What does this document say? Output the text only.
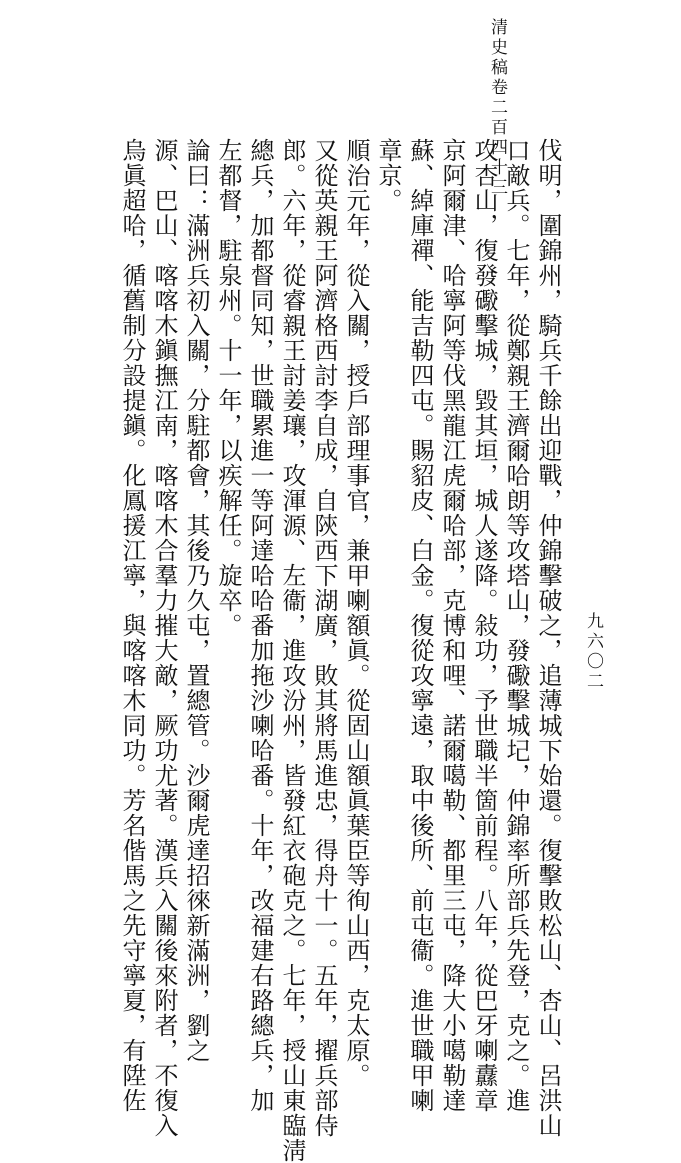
清史稿卷二百四十三
九六〇二
伐明，圍錦州，騎兵千餘出迎戰，仲錦擊破之，追薄城下始還。復擊敗松山、杏山、呂洪山
口敵兵。七年，從鄭親王濟爾哈朗等攻塔山，發礮擊城圮，仲錦率所部兵先登，克之。進
攻杏山，復發礮擊城，毀其垣，城人遂降。敍功，予世職半箇前程。八年，從巴牙喇纛章
京阿爾津、哈寧阿等伐黑龍江虎爾哈部，克博和哩、諾爾噶勒、都里三屯，降大小噶勒達
蘇、綽庫禪、能吉勒四屯。賜貂皮、白金。復從攻寧遠，取中後所、前屯衞。進世職甲喇
章京。
順治元年，從入關，授戶部理事官，兼甲喇額眞。從固山額眞葉臣等徇山西，克太原。
又從英親王阿濟格西討李自成，自陝西下湖廣，敗其將馬進忠，得舟十一。五年，擢兵部侍
郎。六年，從睿親王討姜瓖，攻渾源、左衞，進攻汾州，皆發紅衣砲克之。七年，授山東臨淸
總兵，加都督同知，世職累進一等阿達哈哈番加拖沙喇哈番。十年，改福建右路總兵，加
左都督，駐泉州。十一年，以疾解任。旋卒。
論曰：滿洲兵初入關，分駐都會，其後乃久屯，置總管。沙爾虎達招徠新滿洲，劉之
源、巴山、喀喀木鎭撫江南，喀喀木合羣力摧大敵，厥功尤著。漢兵入關後來附者，不復入
烏眞超哈，循舊制分設提鎭。化鳳援江寧，與喀喀木同功。芳名偕馬之先守寧夏，有陞佐
